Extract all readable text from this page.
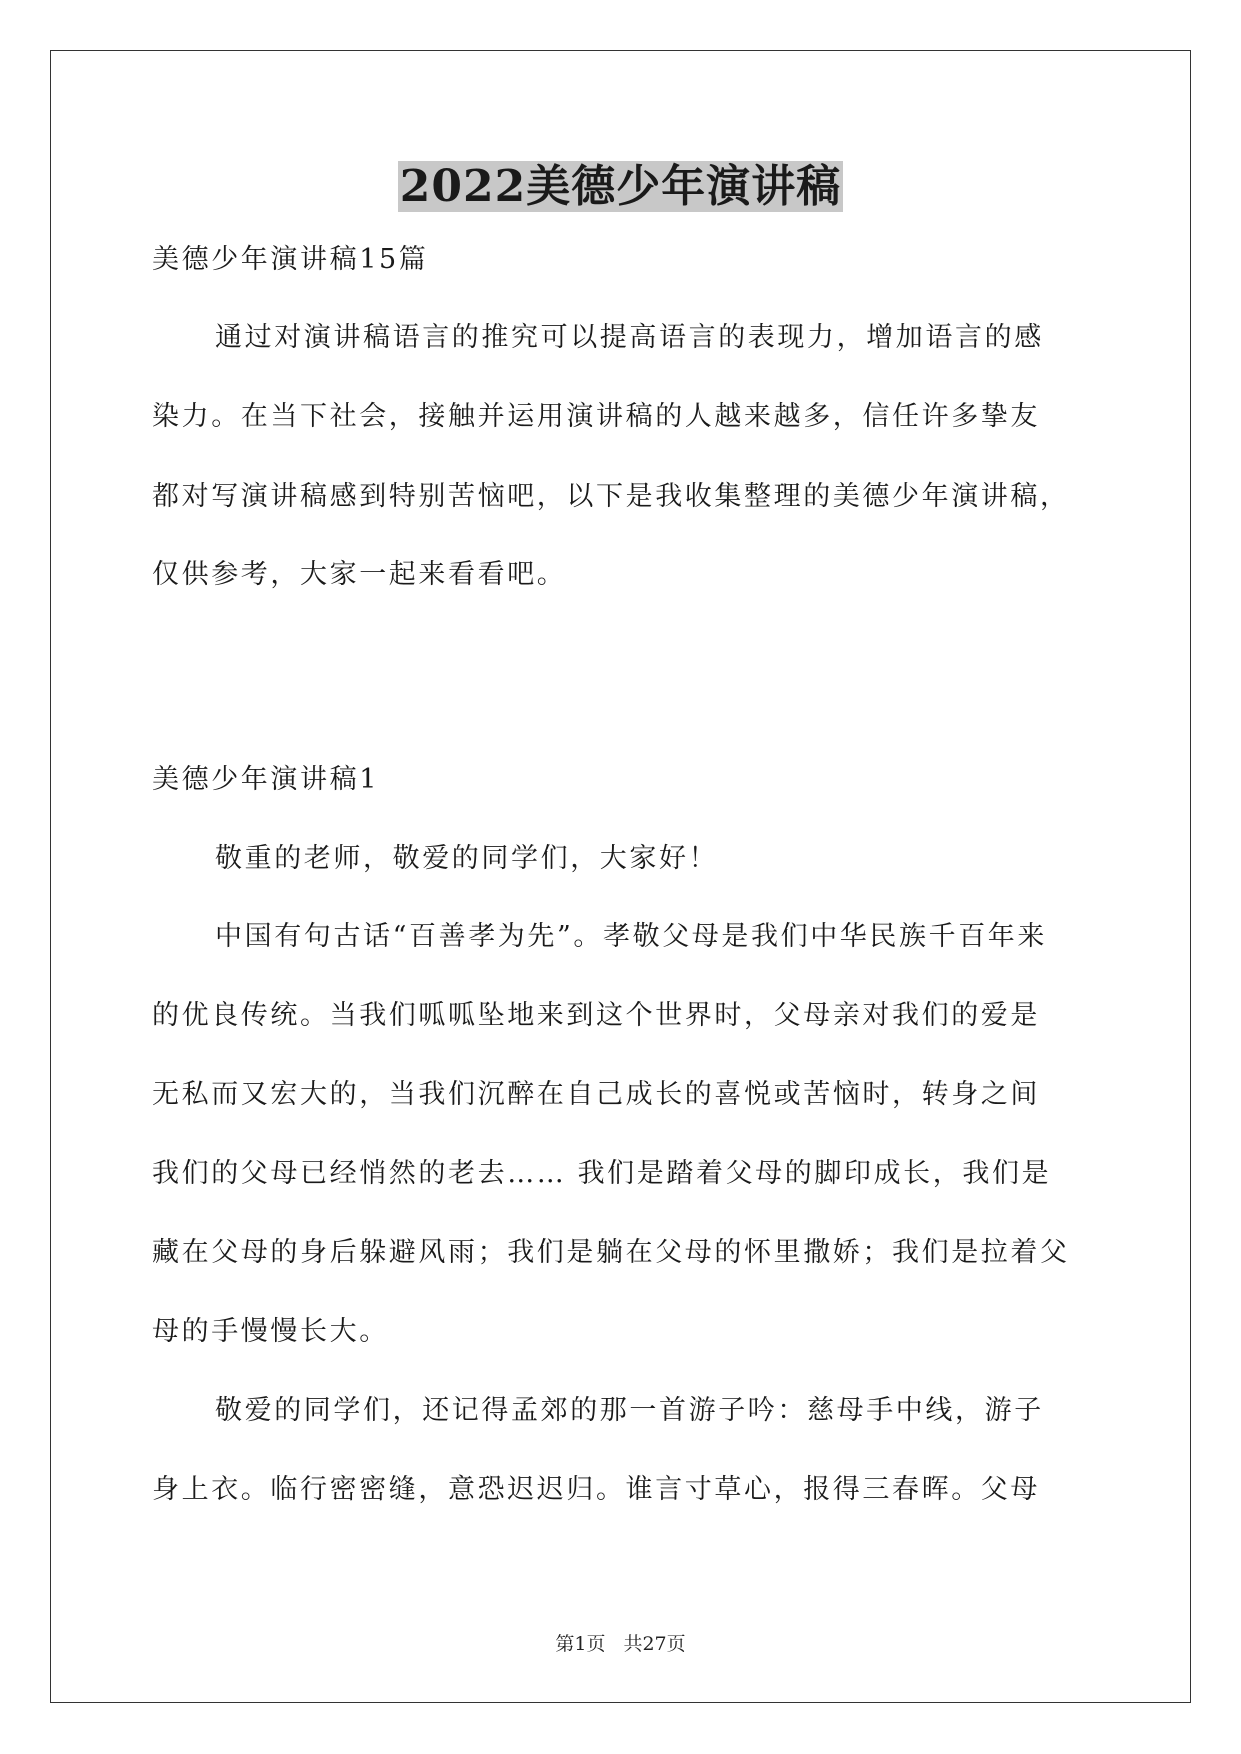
2022美德少年演讲稿
美德少年演讲稿15篇
通过对演讲稿语言的推究可以提高语言的表现力，增加语言的感
染力。在当下社会，接触并运用演讲稿的人越来越多，信任许多挚友
都对写演讲稿感到特别苦恼吧，以下是我收集整理的美德少年演讲稿，
仅供参考，大家一起来看看吧。
美德少年演讲稿1
敬重的老师，敬爱的同学们，大家好！
中国有句古话“百善孝为先”。孝敬父母是我们中华民族千百年来
的优良传统。当我们呱呱坠地来到这个世界时，父母亲对我们的爱是
无私而又宏大的，当我们沉醉在自己成长的喜悦或苦恼时，转身之间
我们的父母已经悄然的老去…… 我们是踏着父母的脚印成长，我们是
藏在父母的身后躲避风雨；我们是躺在父母的怀里撒娇；我们是拉着父
母的手慢慢长大。
敬爱的同学们，还记得孟郊的那一首游子吟：慈母手中线，游子
身上衣。临行密密缝，意恐迟迟归。谁言寸草心，报得三春晖。父母
第1页 共27页
